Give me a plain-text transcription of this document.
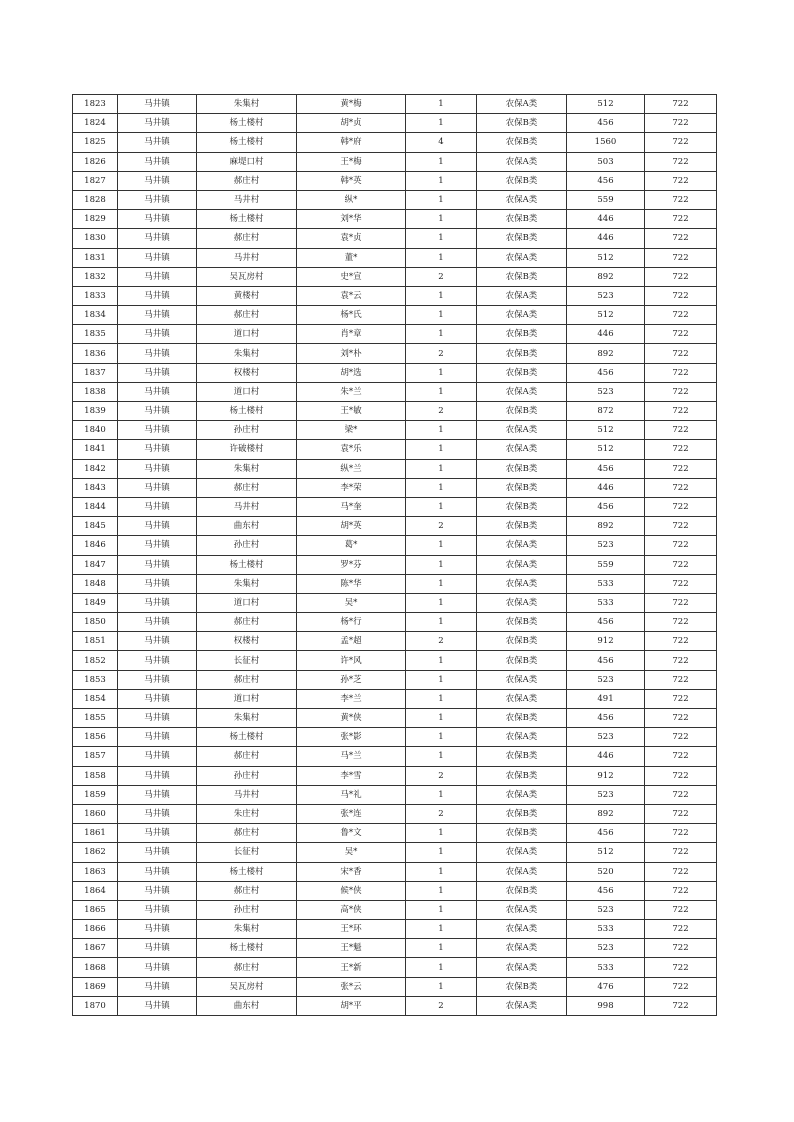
1823	马井镇	朱集村	黄*梅	1	农保A类	512	722
1824	马井镇	杨土楼村	胡*贞	1	农保B类	456	722
1825	马井镇	杨土楼村	韩*府	4	农保B类	1560	722
1826	马井镇	麻堤口村	王*梅	1	农保A类	503	722
1827	马井镇	郝庄村	韩*英	1	农保B类	456	722
1828	马井镇	马井村	纵*	1	农保A类	559	722
1829	马井镇	杨土楼村	刘*华	1	农保B类	446	722
1830	马井镇	郝庄村	袁*贞	1	农保B类	446	722
1831	马井镇	马井村	董*	1	农保A类	512	722
1832	马井镇	吴瓦房村	史*宣	2	农保B类	892	722
1833	马井镇	黄楼村	袁*云	1	农保A类	523	722
1834	马井镇	郝庄村	杨*氏	1	农保A类	512	722
1835	马井镇	道口村	肖*章	1	农保B类	446	722
1836	马井镇	朱集村	刘*朴	2	农保B类	892	722
1837	马井镇	权楼村	胡*选	1	农保B类	456	722
1838	马井镇	道口村	朱*兰	1	农保A类	523	722
1839	马井镇	杨土楼村	王*敏	2	农保B类	872	722
1840	马井镇	孙庄村	梁*	1	农保A类	512	722
1841	马井镇	许破楼村	袁*乐	1	农保A类	512	722
1842	马井镇	朱集村	纵*兰	1	农保B类	456	722
1843	马井镇	郝庄村	李*荣	1	农保B类	446	722
1844	马井镇	马井村	马*奎	1	农保B类	456	722
1845	马井镇	曲东村	胡*英	2	农保B类	892	722
1846	马井镇	孙庄村	葛*	1	农保A类	523	722
1847	马井镇	杨土楼村	罗*芬	1	农保A类	559	722
1848	马井镇	朱集村	陈*华	1	农保A类	533	722
1849	马井镇	道口村	吴*	1	农保A类	533	722
1850	马井镇	郝庄村	杨*行	1	农保B类	456	722
1851	马井镇	权楼村	孟*超	2	农保B类	912	722
1852	马井镇	长征村	许*风	1	农保B类	456	722
1853	马井镇	郝庄村	孙*芝	1	农保A类	523	722
1854	马井镇	道口村	李*兰	1	农保A类	491	722
1855	马井镇	朱集村	黄*侠	1	农保B类	456	722
1856	马井镇	杨土楼村	张*影	1	农保A类	523	722
1857	马井镇	郝庄村	马*兰	1	农保B类	446	722
1858	马井镇	孙庄村	李*雪	2	农保B类	912	722
1859	马井镇	马井村	马*礼	1	农保A类	523	722
1860	马井镇	朱庄村	张*连	2	农保B类	892	722
1861	马井镇	郝庄村	鲁*文	1	农保B类	456	722
1862	马井镇	长征村	吴*	1	农保A类	512	722
1863	马井镇	杨土楼村	宋*香	1	农保A类	520	722
1864	马井镇	郝庄村	候*侠	1	农保B类	456	722
1865	马井镇	孙庄村	高*侠	1	农保A类	523	722
1866	马井镇	朱集村	王*环	1	农保A类	533	722
1867	马井镇	杨土楼村	王*魁	1	农保A类	523	722
1868	马井镇	郝庄村	王*新	1	农保A类	533	722
1869	马井镇	吴瓦房村	张*云	1	农保B类	476	722
1870	马井镇	曲东村	胡*平	2	农保A类	998	722
